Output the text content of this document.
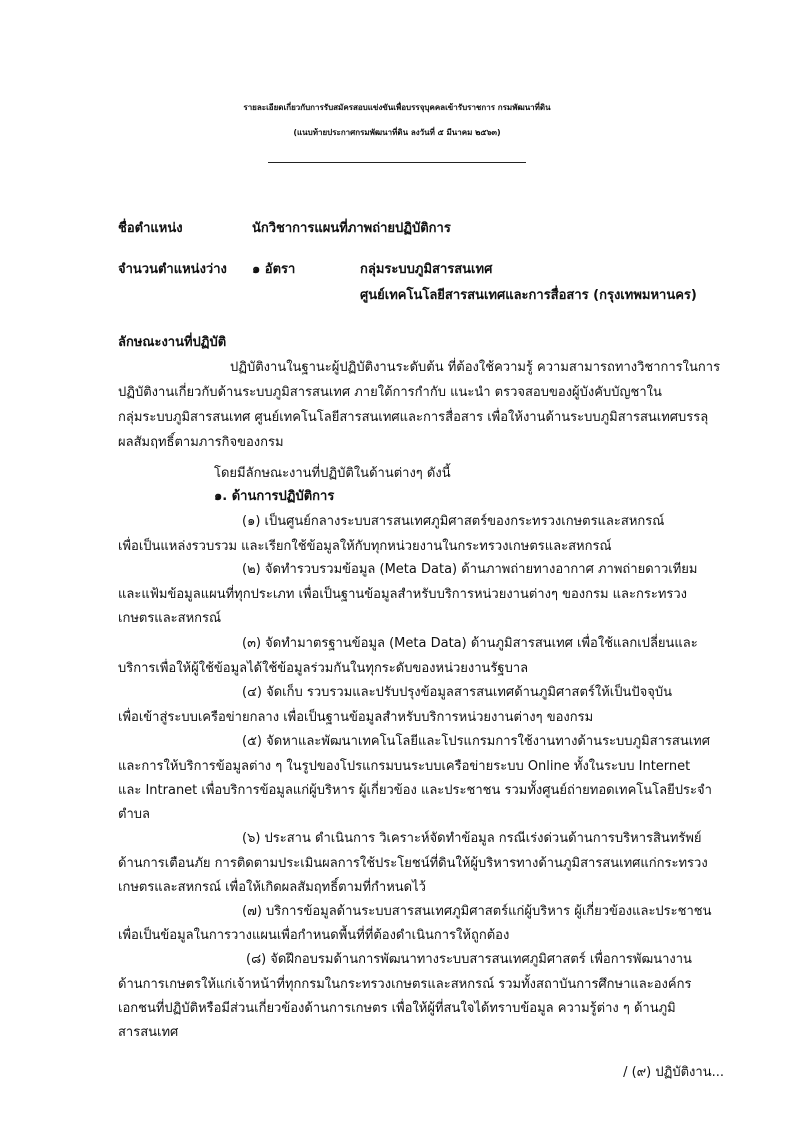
รายละเอียดเกี่ยวกับการรับสมัครสอบแข่งขันเพื่อบรรจุบุคคลเข้ารับราชการ กรมพัฒนาที่ดิน
(แนบท้ายประกาศกรมพัฒนาที่ดิน ลงวันที่ ๕ มีนาคม ๒๕๖๓)
ชื่อตำแหน่ง	นักวิชาการแผนที่ภาพถ่ายปฏิบัติการ
จำนวนตำแหน่งว่าง ๑ อัตรา	กลุ่มระบบภูมิสารสนเทศ
ศูนย์เทคโนโลยีสารสนเทศและการสื่อสาร (กรุงเทพมหานคร)
ลักษณะงานที่ปฏิบัติ
ปฏิบัติงานในฐานะผู้ปฏิบัติงานระดับต้น ที่ต้องใช้ความรู้ ความสามารถทางวิชาการในการ
ปฏิบัติงานเกี่ยวกับด้านระบบภูมิสารสนเทศ ภายใต้การกำกับ แนะนำ ตรวจสอบของผู้บังคับบัญชาใน
กลุ่มระบบภูมิสารสนเทศ ศูนย์เทคโนโลยีสารสนเทศและการสื่อสาร เพื่อให้งานด้านระบบภูมิสารสนเทศบรรลุ
ผลสัมฤทธิ์ตามภารกิจของกรม
โดยมีลักษณะงานที่ปฏิบัติในด้านต่างๆ ดังนี้
๑. ด้านการปฏิบัติการ
(๑) เป็นศูนย์กลางระบบสารสนเทศภูมิศาสตร์ของกระทรวงเกษตรและสหกรณ์
เพื่อเป็นแหล่งรวบรวม และเรียกใช้ข้อมูลให้กับทุกหน่วยงานในกระทรวงเกษตรและสหกรณ์
(๒) จัดทำรวบรวมข้อมูล (Meta Data) ด้านภาพถ่ายทางอากาศ ภาพถ่ายดาวเทียม
และแฟ้มข้อมูลแผนที่ทุกประเภท เพื่อเป็นฐานข้อมูลสำหรับบริการหน่วยงานต่างๆ ของกรม และกระทรวง
เกษตรและสหกรณ์
(๓) จัดทำมาตรฐานข้อมูล (Meta Data) ด้านภูมิสารสนเทศ เพื่อใช้แลกเปลี่ยนและ
บริการเพื่อให้ผู้ใช้ข้อมูลได้ใช้ข้อมูลร่วมกันในทุกระดับของหน่วยงานรัฐบาล
(๔) จัดเก็บ รวบรวมและปรับปรุงข้อมูลสารสนเทศด้านภูมิศาสตร์ให้เป็นปัจจุบัน
เพื่อเข้าสู่ระบบเครือข่ายกลาง เพื่อเป็นฐานข้อมูลสำหรับบริการหน่วยงานต่างๆ ของกรม
(๕) จัดหาและพัฒนาเทคโนโลยีและโปรแกรมการใช้งานทางด้านระบบภูมิสารสนเทศ
และการให้บริการข้อมูลต่าง ๆ ในรูปของโปรแกรมบนระบบเครือข่ายระบบ Online ทั้งในระบบ Internet
และ Intranet เพื่อบริการข้อมูลแก่ผู้บริหาร ผู้เกี่ยวข้อง และประชาชน รวมทั้งศูนย์ถ่ายทอดเทคโนโลยีประจำ
ตำบล
(๖) ประสาน ดำเนินการ วิเคราะห์จัดทำข้อมูล กรณีเร่งด่วนด้านการบริหารสินทรัพย์
ด้านการเตือนภัย การติดตามประเมินผลการใช้ประโยชน์ที่ดินให้ผู้บริหารทางด้านภูมิสารสนเทศแก่กระทรวง
เกษตรและสหกรณ์ เพื่อให้เกิดผลสัมฤทธิ์ตามที่กำหนดไว้
(๗) บริการข้อมูลด้านระบบสารสนเทศภูมิศาสตร์แก่ผู้บริหาร ผู้เกี่ยวข้องและประชาชน
เพื่อเป็นข้อมูลในการวางแผนเพื่อกำหนดพื้นที่ที่ต้องดำเนินการให้ถูกต้อง
(๘) จัดฝึกอบรมด้านการพัฒนาทางระบบสารสนเทศภูมิศาสตร์ เพื่อการพัฒนางาน
ด้านการเกษตรให้แก่เจ้าหน้าที่ทุกกรมในกระทรวงเกษตรและสหกรณ์ รวมทั้งสถาบันการศึกษาและองค์กร
เอกชนที่ปฏิบัติหรือมีส่วนเกี่ยวข้องด้านการเกษตร เพื่อให้ผู้ที่สนใจได้ทราบข้อมูล ความรู้ต่าง ๆ ด้านภูมิ
สารสนเทศ
/ (๙) ปฏิบัติงาน...
